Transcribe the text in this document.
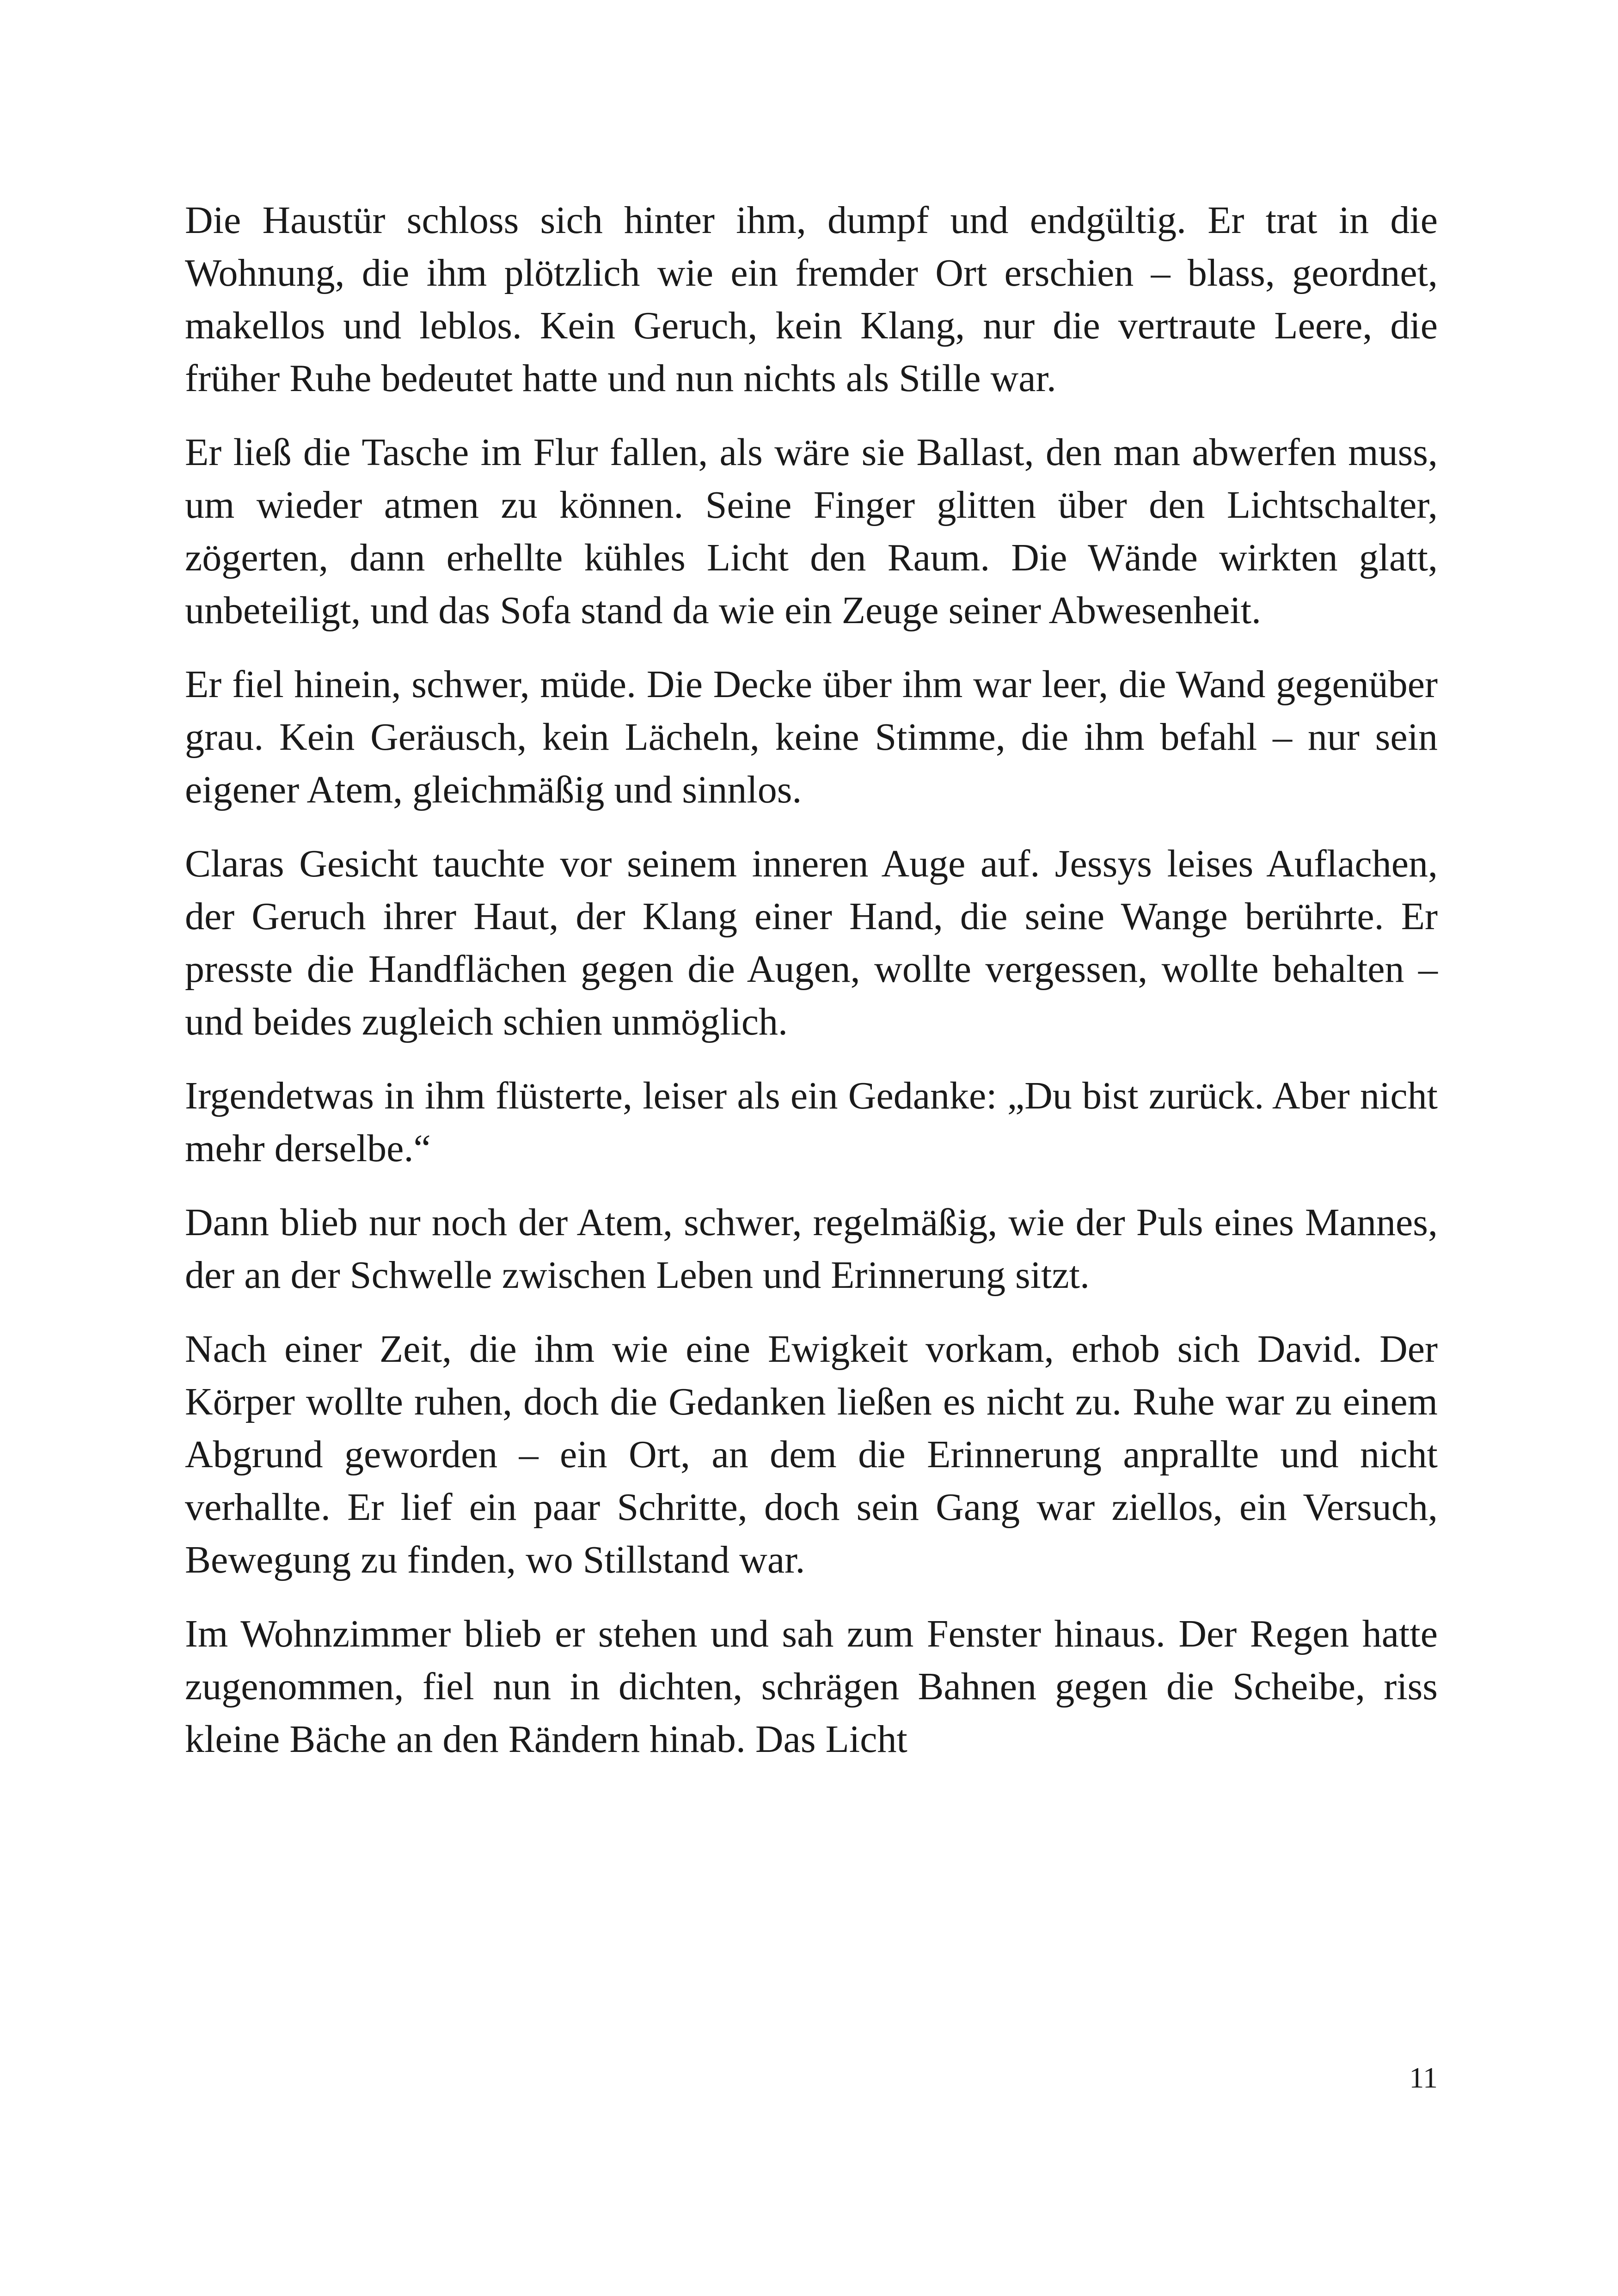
Die Haustür schloss sich hinter ihm, dumpf und endgültig. Er trat in die Wohnung, die ihm plötzlich wie ein fremder Ort erschien – blass, geordnet, makellos und leblos. Kein Geruch, kein Klang, nur die vertraute Leere, die früher Ruhe bedeutet hatte und nun nichts als Stille war.

Er ließ die Tasche im Flur fallen, als wäre sie Ballast, den man abwerfen muss, um wieder atmen zu können. Seine Finger glitten über den Lichtschalter, zögerten, dann erhellte kühles Licht den Raum. Die Wände wirkten glatt, unbeteiligt, und das Sofa stand da wie ein Zeuge seiner Abwesenheit.

Er fiel hinein, schwer, müde. Die Decke über ihm war leer, die Wand gegenüber grau. Kein Geräusch, kein Lächeln, keine Stimme, die ihm befahl – nur sein eigener Atem, gleichmäßig und sinnlos.

Claras Gesicht tauchte vor seinem inneren Auge auf. Jessys leises Auflachen, der Geruch ihrer Haut, der Klang einer Hand, die seine Wange berührte. Er presste die Handflächen gegen die Augen, wollte vergessen, wollte behalten – und beides zugleich schien unmöglich.

Irgendetwas in ihm flüsterte, leiser als ein Gedanke: „Du bist zurück. Aber nicht mehr derselbe.“

Dann blieb nur noch der Atem, schwer, regelmäßig, wie der Puls eines Mannes, der an der Schwelle zwischen Leben und Erinnerung sitzt.

Nach einer Zeit, die ihm wie eine Ewigkeit vorkam, erhob sich David. Der Körper wollte ruhen, doch die Gedanken ließen es nicht zu. Ruhe war zu einem Abgrund geworden – ein Ort, an dem die Erinnerung anprallte und nicht verhallte. Er lief ein paar Schritte, doch sein Gang war ziellos, ein Versuch, Bewegung zu finden, wo Stillstand war.

Im Wohnzimmer blieb er stehen und sah zum Fenster hinaus. Der Regen hatte zugenommen, fiel nun in dichten, schrägen Bahnen gegen die Scheibe, riss kleine Bäche an den Rändern hinab. Das Licht

11
